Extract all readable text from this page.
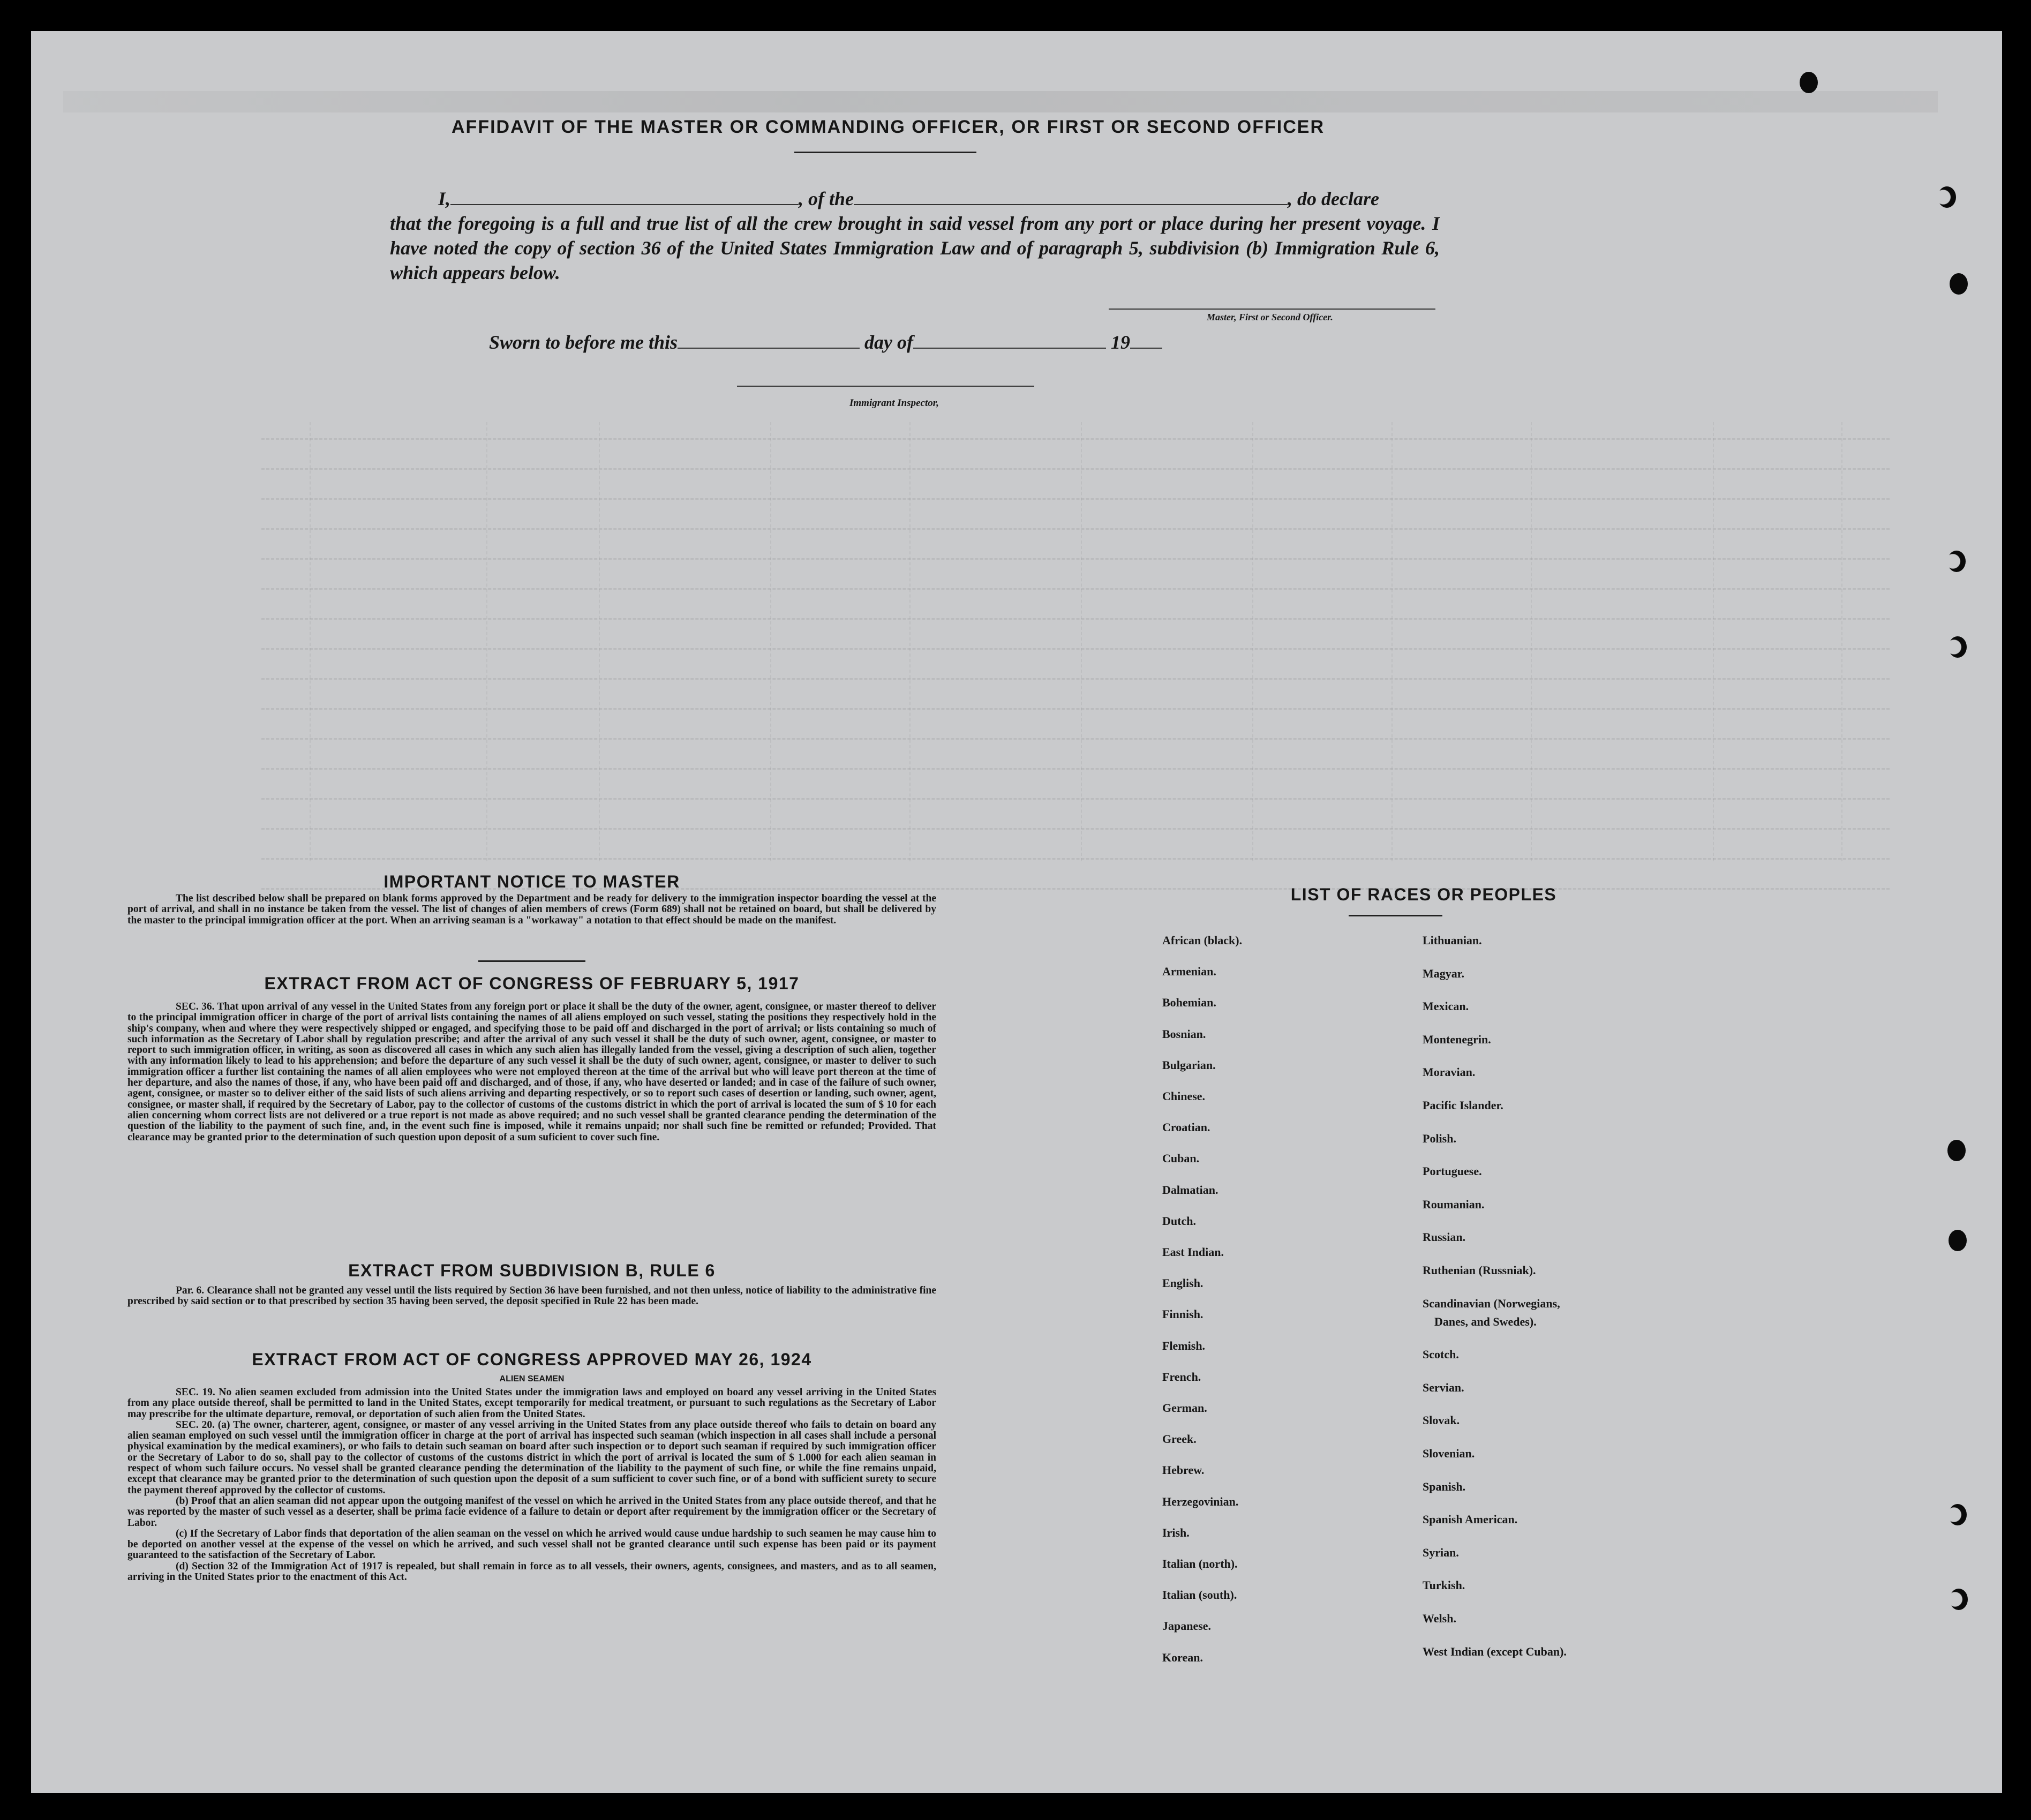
AFFIDAVIT OF THE MASTER OR COMMANDING OFFICER, OR FIRST OR SECOND OFFICER
I,	, of the	, do declare
that the foregoing is a full and true list of all the crew brought in said vessel from any port or place during her present voyage. I have noted the copy of section 36 of the United States Immigration Law and of paragraph 5, subdivision (b) Immigration Rule 6, which appears below.
Master, First or Second Officer.
Sworn to before me this	day of	19
Immigrant Inspector,
IMPORTANT NOTICE TO MASTER

The list described below shall be prepared on blank forms approved by the Department and be ready for delivery to the immigration inspector boarding the vessel at the port of arrival, and shall in no instance be taken from the vessel. The list of changes of alien members of crews (Form 689) shall not be retained on board, but shall be delivered by the master to the principal immigration officer at the port. When an arriving seaman is a "workaway" a notation to that effect should be made on the manifest.

EXTRACT FROM ACT OF CONGRESS OF FEBRUARY 5, 1917

SEC. 36. That upon arrival of any vessel in the United States from any foreign port or place it shall be the duty of the owner, agent, consignee, or master thereof to deliver to the principal immigration officer in charge of the port of arrival lists containing the names of all aliens employed on such vessel, stating the positions they respectively hold in the ship's company, when and where they were respectively shipped or engaged, and specifying those to be paid off and discharged in the port of arrival; or lists containing so much of such information as the Secretary of Labor shall by regulation prescribe; and after the arrival of any such vessel it shall be the duty of such owner, agent, consignee, or master to report to such immigration officer, in writing, as soon as discovered all cases in which any such alien has illegally landed from the vessel, giving a description of such alien, together with any information likely to lead to his apprehension; and before the departure of any such vessel it shall be the duty of such owner, agent, consignee, or master to deliver to such immigration officer a further list containing the names of all alien employees who were not employed thereon at the time of the arrival but who will leave port thereon at the time of her departure, and also the names of those, if any, who have been paid off and discharged, and of those, if any, who have deserted or landed; and in case of the failure of such owner, agent, consignee, or master so to deliver either of the said lists of such aliens arriving and departing respectively, or so to report such cases of desertion or landing, such owner, agent, consignee, or master shall, if required by the Secretary of Labor, pay to the collector of customs of the customs district in which the port of arrival is located the sum of $ 10 for each alien concerning whom correct lists are not delivered or a true report is not made as above required; and no such vessel shall be granted clearance pending the determination of the question of the liability to the payment of such fine, and, in the event such fine is imposed, while it remains unpaid; nor shall such fine be remitted or refunded; Provided. That clearance may be granted prior to the determination of such question upon deposit of a sum suficient to cover such fine.

EXTRACT FROM SUBDIVISION B, RULE 6

Par. 6. Clearance shall not be granted any vessel until the lists required by Section 36 have been furnished, and not then unless, notice of liability to the administrative fine prescribed by said section or to that prescribed by section 35 having been served, the deposit specified in Rule 22 has been made.

EXTRACT FROM ACT OF CONGRESS APPROVED MAY 26, 1924
ALIEN SEAMEN

SEC. 19. No alien seamen excluded from admission into the United States under the immigration laws and employed on board any vessel arriving in the United States from any place outside thereof, shall be permitted to land in the United States, except temporarily for medical treatment, or pursuant to such regulations as the Secretary of Labor may prescribe for the ultimate departure, removal, or deportation of such alien from the United States.

SEC. 20. (a) The owner, charterer, agent, consignee, or master of any vessel arriving in the United States from any place outside thereof who fails to detain on board any alien seaman employed on such vessel until the immigration officer in charge at the port of arrival has inspected such seaman (which inspection in all cases shall include a personal physical examination by the medical examiners), or who fails to detain such seaman on board after such inspection or to deport such seaman if required by such immigration officer or the Secretary of Labor to do so, shall pay to the collector of customs of the customs district in which the port of arrival is located the sum of $ 1.000 for each alien seaman in respect of whom such failure occurs. No vessel shall be granted clearance pending the determination of the liability to the payment of such fine, or while the fine remains unpaid, except that clearance may be granted prior to the determination of such question upon the deposit of a sum sufficient to cover such fine, or of a bond with sufficient surety to secure the payment thereof approved by the collector of customs.

(b) Proof that an alien seaman did not appear upon the outgoing manifest of the vessel on which he arrived in the United States from any place outside thereof, and that he was reported by the master of such vessel as a deserter, shall be prima facie evidence of a failure to detain or deport after requirement by the immigration officer or the Secretary of Labor.

(c) If the Secretary of Labor finds that deportation of the alien seaman on the vessel on which he arrived would cause undue hardship to such seamen he may cause him to be deported on another vessel at the expense of the vessel on which he arrived, and such vessel shall not be granted clearance until such expense has been paid or its payment guaranteed to the satisfaction of the Secretary of Labor.

(d) Section 32 of the Immigration Act of 1917 is repealed, but shall remain in force as to all vessels, their owners, agents, consignees, and masters, and as to all seamen, arriving in the United States prior to the enactment of this Act.

LIST OF RACES OR PEOPLES
African (black).
Armenian.
Bohemian.
Bosnian.
Bulgarian.
Chinese.
Croatian.
Cuban.
Dalmatian.
Dutch.
East Indian.
English.
Finnish.
Flemish.
French.
German.
Greek.
Hebrew.
Herzegovinian.
Irish.
Italian (north).
Italian (south).
Japanese.
Korean.
Lithuanian.
Magyar.
Mexican.
Montenegrin.
Moravian.
Pacific Islander.
Polish.
Portuguese.
Roumanian.
Russian.
Ruthenian (Russniak).
Scandinavian (Norwegians,
Danes, and Swedes).
Scotch.
Servian.
Slovak.
Slovenian.
Spanish.
Spanish American.
Syrian.
Turkish.
Welsh.
West Indian (except Cuban).
